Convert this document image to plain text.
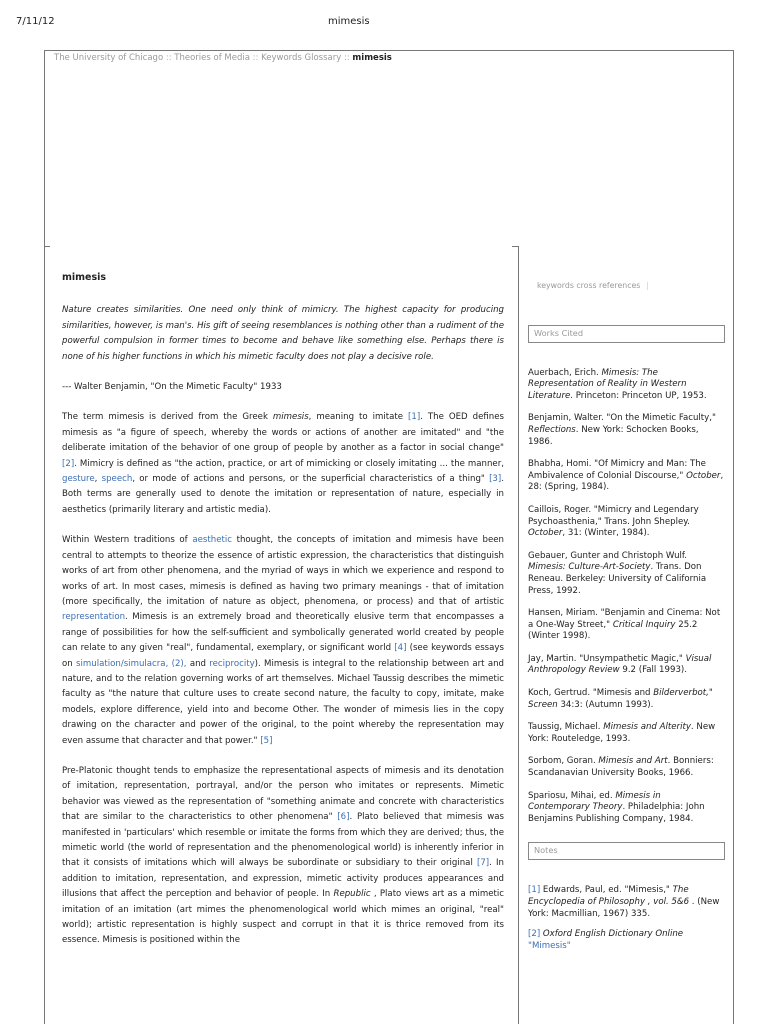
7/11/12	mimesis
The University of Chicago :: Theories of Media :: Keywords Glossary :: mimesis
mimesis

Nature creates similarities. One need only think of mimicry. The highest capacity for producing similarities, however, is man's. His gift of seeing resemblances is nothing other than a rudiment of the powerful compulsion in former times to become and behave like something else. Perhaps there is none of his higher functions in which his mimetic faculty does not play a decisive role.

--- Walter Benjamin, "On the Mimetic Faculty" 1933

The term mimesis is derived from the Greek mimesis, meaning to imitate [1]. The OED defines mimesis as "a figure of speech, whereby the words or actions of another are imitated" and "the deliberate imitation of the behavior of one group of people by another as a factor in social change" [2]. Mimicry is defined as "the action, practice, or art of mimicking or closely imitating ... the manner, gesture, speech, or mode of actions and persons, or the superficial characteristics of a thing" [3]. Both terms are generally used to denote the imitation or representation of nature, especially in aesthetics (primarily literary and artistic media).

Within Western traditions of aesthetic thought, the concepts of imitation and mimesis have been central to attempts to theorize the essence of artistic expression, the characteristics that distinguish works of art from other phenomena, and the myriad of ways in which we experience and respond to works of art. In most cases, mimesis is defined as having two primary meanings - that of imitation (more specifically, the imitation of nature as object, phenomena, or process) and that of artistic representation. Mimesis is an extremely broad and theoretically elusive term that encompasses a range of possibilities for how the self-sufficient and symbolically generated world created by people can relate to any given "real", fundamental, exemplary, or significant world [4] (see keywords essays on simulation/simulacra, (2), and reciprocity). Mimesis is integral to the relationship between art and nature, and to the relation governing works of art themselves. Michael Taussig describes the mimetic faculty as "the nature that culture uses to create second nature, the faculty to copy, imitate, make models, explore difference, yield into and become Other. The wonder of mimesis lies in the copy drawing on the character and power of the original, to the point whereby the representation may even assume that character and that power." [5]

Pre-Platonic thought tends to emphasize the representational aspects of mimesis and its denotation of imitation, representation, portrayal, and/or the person who imitates or represents. Mimetic behavior was viewed as the representation of "something animate and concrete with characteristics that are similar to the characteristics to other phenomena" [6]. Plato believed that mimesis was manifested in 'particulars' which resemble or imitate the forms from which they are derived; thus, the mimetic world (the world of representation and the phenomenological world) is inherently inferior in that it consists of imitations which will always be subordinate or subsidiary to their original [7]. In addition to imitation, representation, and expression, mimetic activity produces appearances and illusions that affect the perception and behavior of people. In Republic , Plato views art as a mimetic imitation of an imitation (art mimes the phenomenological world which mimes an original, "real" world); artistic representation is highly suspect and corrupt in that it is thrice removed from its essence. Mimesis is positioned within the

keywords cross references |
Works Cited
Auerbach, Erich. Mimesis: The Representation of Reality in Western Literature. Princeton: Princeton UP, 1953.
Benjamin, Walter. "On the Mimetic Faculty," Reflections. New York: Schocken Books, 1986.
Bhabha, Homi. "Of Mimicry and Man: The Ambivalence of Colonial Discourse," October, 28: (Spring, 1984).
Caillois, Roger. "Mimicry and Legendary Psychoasthenia," Trans. John Shepley. October, 31: (Winter, 1984).
Gebauer, Gunter and Christoph Wulf. Mimesis: Culture-Art-Society. Trans. Don Reneau. Berkeley: University of California Press, 1992.
Hansen, Miriam. "Benjamin and Cinema: Not a One-Way Street," Critical Inquiry 25.2 (Winter 1998).
Jay, Martin. "Unsympathetic Magic," Visual Anthropology Review 9.2 (Fall 1993).
Koch, Gertrud. "Mimesis and Bilderverbot," Screen 34:3: (Autumn 1993).
Taussig, Michael. Mimesis and Alterity. New York: Routeledge, 1993.
Sorbom, Goran. Mimesis and Art. Bonniers: Scandanavian University Books, 1966.
Spariosu, Mihai, ed. Mimesis in Contemporary Theory. Philadelphia: John Benjamins Publishing Company, 1984.
Notes
[1] Edwards, Paul, ed. "Mimesis," The Encyclopedia of Philosophy , vol. 5&6 . (New York: Macmillian, 1967) 335.
[2] Oxford English Dictionary Online "Mimesis"
